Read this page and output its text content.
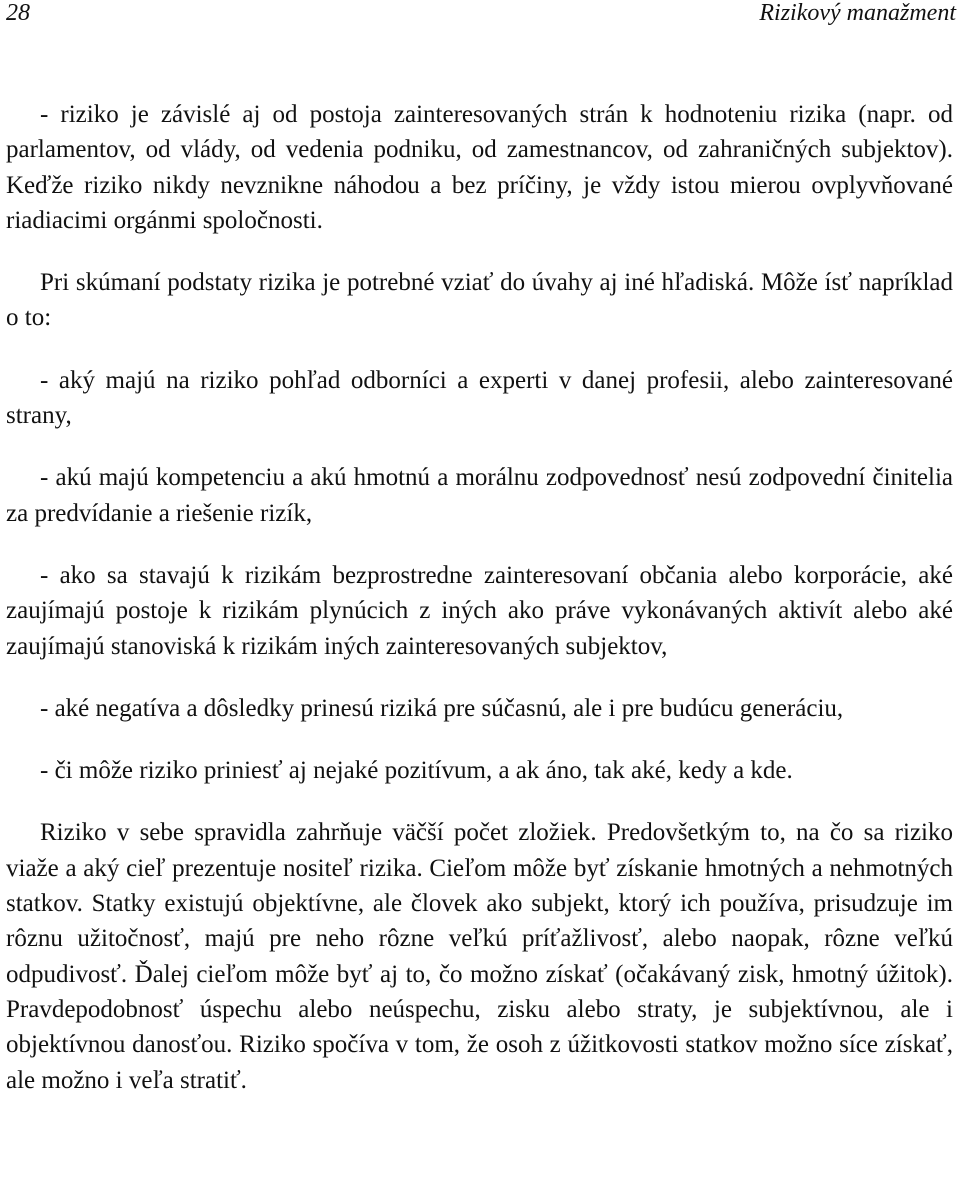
28	Rizikový manažment

- riziko je závislé aj od postoja zainteresovaných strán k hodnoteniu rizika (napr. od parlamentov, od vlády, od vedenia podniku, od zamestnancov, od zahraničných subjektov). Keďže riziko nikdy nevznikne náhodou a bez príčiny, je vždy istou mierou ovplyvňované riadiacimi orgánmi spoločnosti.

Pri skúmaní podstaty rizika je potrebné vziať do úvahy aj iné hľadiská. Môže ísť napríklad o to:

- aký majú na riziko pohľad odborníci a experti v danej profesii, alebo zainteresované strany,

- akú majú kompetenciu a akú hmotnú a morálnu zodpovednosť nesú zodpovední činitelia za predvídanie a riešenie rizík,

- ako sa stavajú k rizikám bezprostredne zainteresovaní občania alebo korporácie, aké zaujímajú postoje k rizikám plynúcich z iných ako práve vykonávaných aktivít alebo aké zaujímajú stanoviská k rizikám iných zainteresovaných subjektov,

- aké negatíva a dôsledky prinesú riziká pre súčasnú, ale i pre budúcu generáciu,

- či môže riziko priniesť aj nejaké pozitívum, a ak áno, tak aké, kedy a kde.

Riziko v sebe spravidla zahrňuje väčší počet zložiek. Predovšetkým to, na čo sa riziko viaže a aký cieľ prezentuje nositeľ rizika. Cieľom môže byť získanie hmotných a nehmotných statkov. Statky existujú objektívne, ale človek ako subjekt, ktorý ich používa, prisudzuje im rôznu užitočnosť, majú pre neho rôzne veľkú príťažlivosť, alebo naopak, rôzne veľkú odpudivosť. Ďalej cieľom môže byť aj to, čo možno získať (očakávaný zisk, hmotný úžitok). Pravdepodobnosť úspechu alebo neúspechu, zisku alebo straty, je subjektívnou, ale i objektívnou danosťou. Riziko spočíva v tom, že osoh z úžitkovosti statkov možno síce získať, ale možno i veľa stratiť.
